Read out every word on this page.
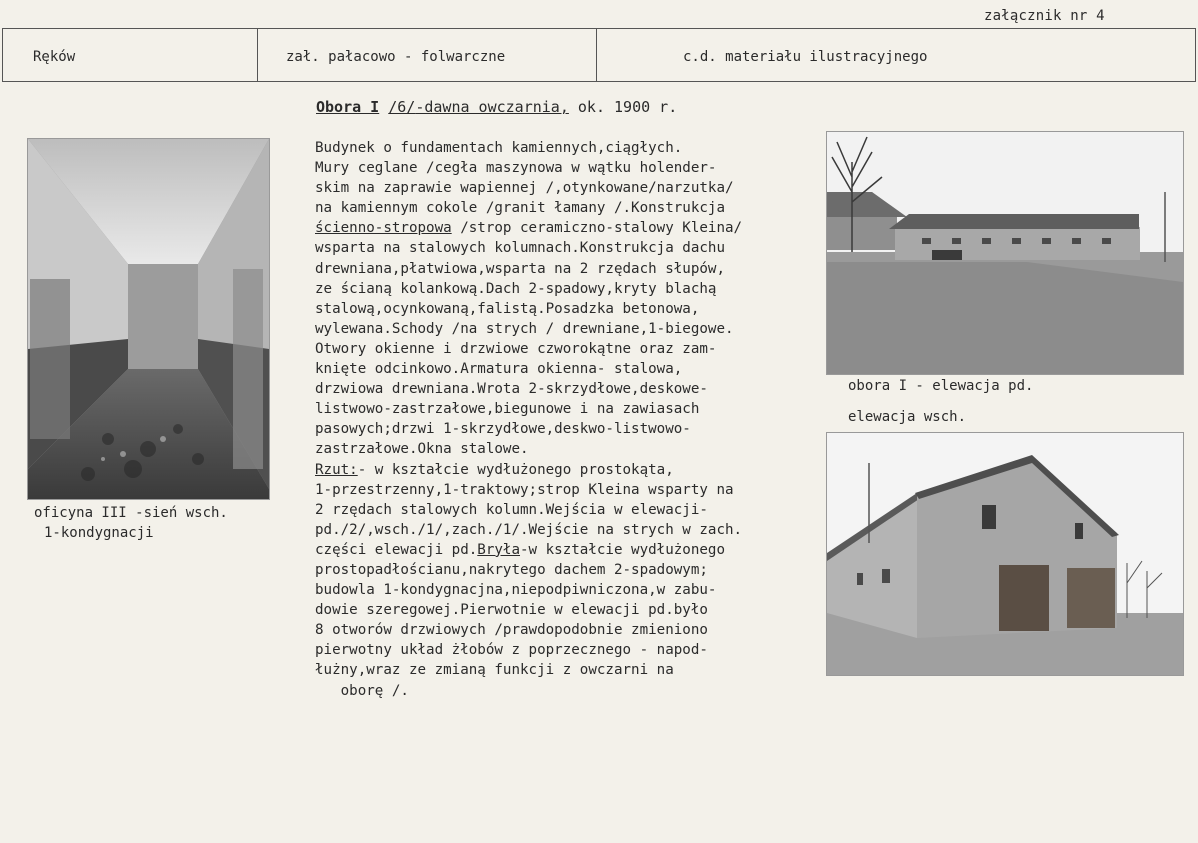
załącznik nr 4
Ręków	zał. pałacowo - folwarczne	c.d. materiału ilustracyjnego
Obora I /6/-dawna owczarnia, ok. 1900 r.
Budynek o fundamentach kamiennych,ciągłych.
Mury ceglane /cegła maszynowa w wątku holender-
skim na zaprawie wapiennej /,otynkowane/narzutka/
na kamiennym cokole /granit łamany /.Konstrukcja
ścienno-stropowa /strop ceramiczno-stalowy Kleina/
wsparta na stalowych kolumnach.Konstrukcja dachu
drewniana,płatwiowa,wsparta na 2 rzędach słupów,
ze ścianą kolankową.Dach 2-spadowy,kryty blachą
stalową,ocynkowaną,falistą.Posadzka betonowa,
wylewana.Schody /na strych / drewniane,1-biegowe.
Otwory okienne i drzwiowe czworokątne oraz zam-
knięte odcinkowo.Armatura okienna- stalowa,
drzwiowa drewniana.Wrota 2-skrzydłowe,deskowe-
listwowo-zastrzałowe,biegunowe i na zawiasach
pasowych;drzwi 1-skrzydłowe,deskwo-listwowo-
zastrzałowe.Okna stalowe.
Rzut:- w kształcie wydłużonego prostokąta,
1-przestrzenny,1-traktowy;strop Kleina wsparty na
2 rzędach stalowych kolumn.Wejścia w elewacji-
pd./2/,wsch./1/,zach./1/.Wejście na strych w zach.
części elewacji pd.Bryła-w kształcie wydłużonego
prostopadłościanu,nakrytego dachem 2-spadowym;
budowla 1-kondygnacjna,niepodpiwniczona,w zabu-
dowie szeregowej.Pierwotnie w elewacji pd.było
8 otworów drzwiowych /prawdopodobnie zmieniono
pierwotny układ żłobów z poprzecznego - napod-
łużny,wraz ze zmianą funkcji z owczarni na
oborę /.
oficyna III -sień wsch.
1-kondygnacji
obora I - elewacja pd.
elewacja wsch.
